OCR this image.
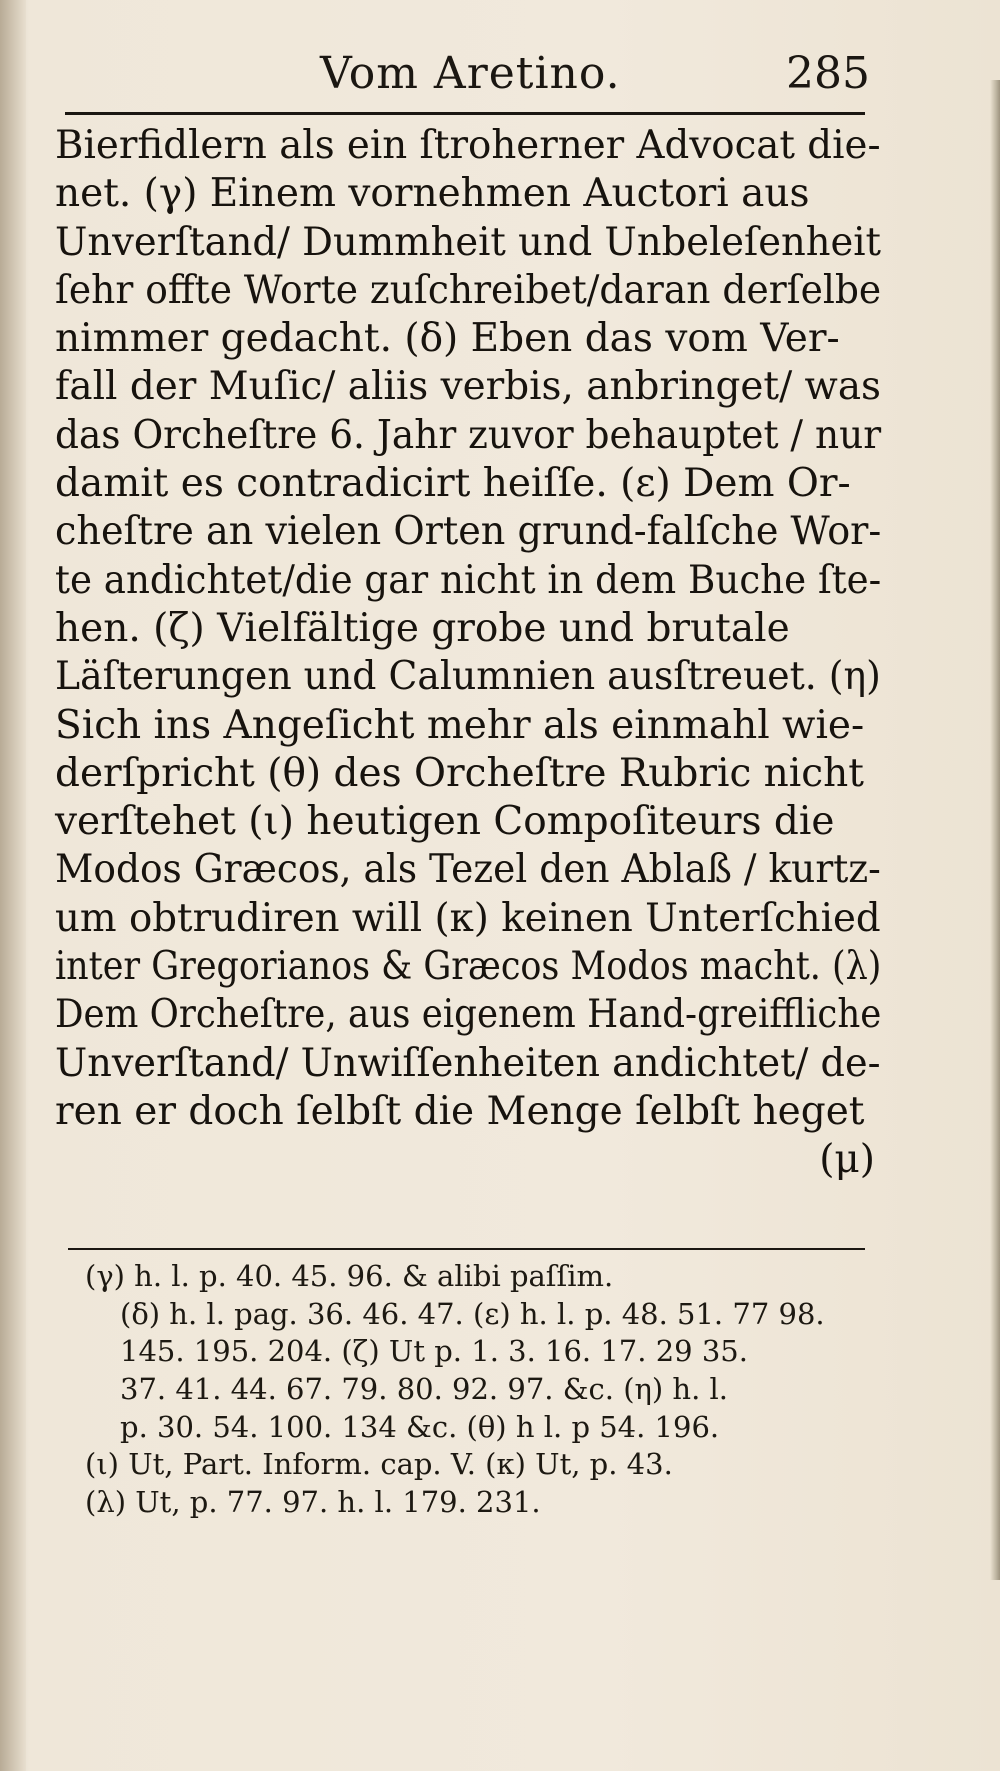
Vom Aretino.	285
Bierfidlern als ein ſtroherner Advocat die-
net. (γ) Einem vornehmen Auctori aus
Unverſtand/ Dummheit und Unbeleſenheit
ſehr offte Worte zuſchreibet/daran derſelbe
nimmer gedacht. (δ) Eben das vom Ver-
fall der Muſic/ aliis verbis, anbringet/ was
das Orcheſtre 6. Jahr zuvor behauptet / nur
damit es contradicirt heiſſe. (ε) Dem Or-
cheſtre an vielen Orten grund-falſche Wor-
te andichtet/die gar nicht in dem Buche ſte-
hen. (ζ) Vielfältige grobe und brutale
Läſterungen und Calumnien ausſtreuet. (η)
Sich ins Angeſicht mehr als einmahl wie-
derſpricht (θ) des Orcheſtre Rubric nicht
verſtehet (ι) heutigen Compoſiteurs die
Modos Græcos, als Tezel den Ablaß / kurtz-
um obtrudiren will (κ) keinen Unterſchied
inter Gregorianos & Græcos Modos macht. (λ)
Dem Orcheſtre, aus eigenem Hand-greiffliche
Unverſtand/ Unwiſſenheiten andichtet/ de-
ren er doch ſelbſt die Menge ſelbſt heget
(μ)
(γ) h. l. p. 40. 45. 96. & alibi paſſim.
(δ) h. l. pag. 36. 46. 47. (ε) h. l. p. 48. 51. 77 98.
145. 195. 204. (ζ) Ut p. 1. 3. 16. 17. 29 35.
37. 41. 44. 67. 79. 80. 92. 97. &c. (η) h. l.
p. 30. 54. 100. 134 &c. (θ) h l. p 54. 196.
(ι) Ut, Part. Inform. cap. V. (κ) Ut, p. 43.
(λ) Ut, p. 77. 97. h. l. 179. 231.
